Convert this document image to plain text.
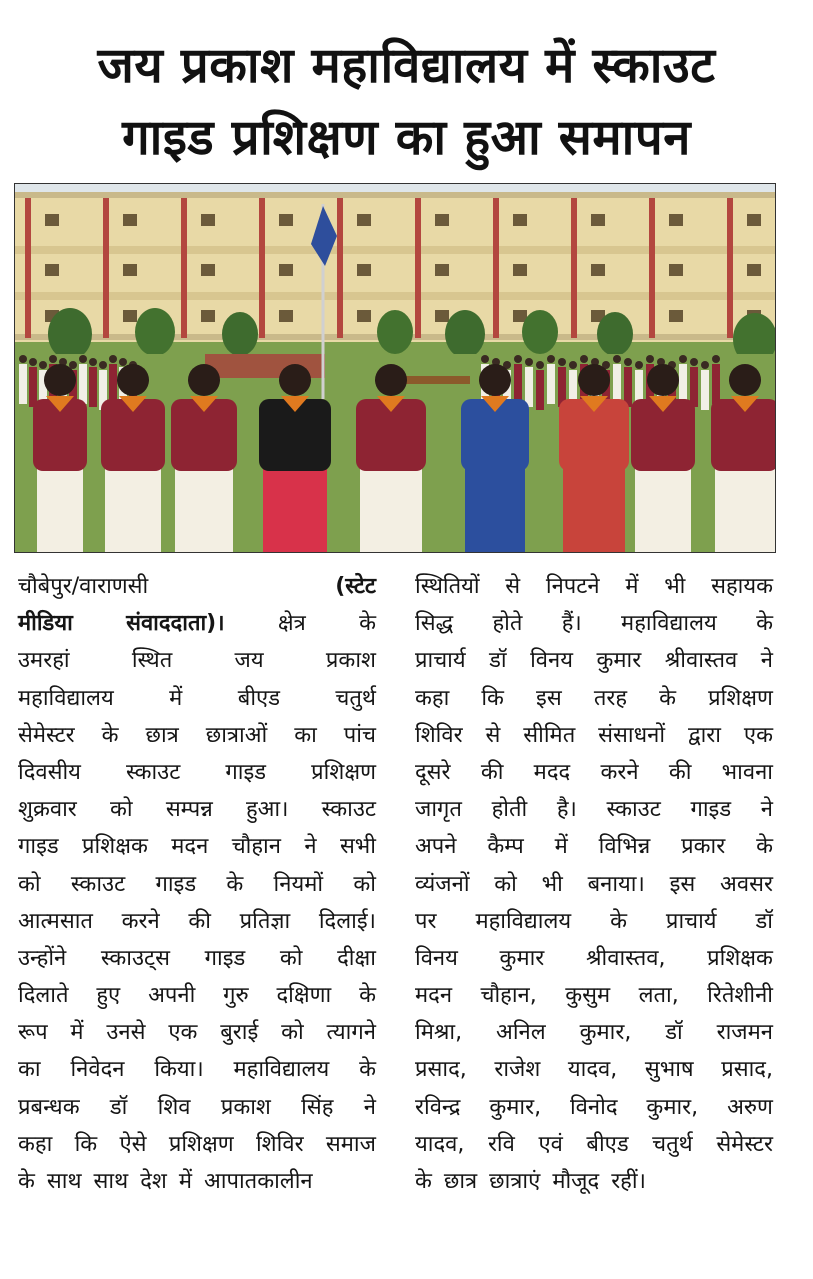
जय प्रकाश महाविद्यालय में स्काउट
गाइड प्रशिक्षण का हुआ समापन
चौबेपुर/वाराणसी	(स्टेट
मीडिया संवाददाता)। क्षेत्र के
उमरहां	स्थित	जय	प्रकाश
महाविद्यालय	में	बीएड	चतुर्थ
सेमेस्टर के छात्र छात्राओं का पांच
दिवसीय स्काउट गाइड प्रशिक्षण
शुक्रवार को सम्पन्न हुआ। स्काउट
गाइड प्रशिक्षक मदन चौहान ने सभी
को स्काउट गाइड के नियमों को
आत्मसात करने की प्रतिज्ञा दिलाई।
उन्होंने स्काउट्स गाइड को दीक्षा
दिलाते हुए अपनी गुरु दक्षिणा के
रूप में उनसे एक बुराई को त्यागने
का निवेदन किया। महाविद्यालय के
प्रबन्धक डॉ शिव प्रकाश सिंह ने
कहा कि ऐसे प्रशिक्षण शिविर समाज
के साथ साथ देश में आपातकालीन
स्थितियों से निपटने में भी सहायक
सिद्ध होते हैं। महाविद्यालय के
प्राचार्य डॉ विनय कुमार श्रीवास्तव ने
कहा कि इस तरह के प्रशिक्षण
शिविर से सीमित संसाधनों द्वारा एक
दूसरे की मदद करने की भावना
जागृत होती है। स्काउट गाइड ने
अपने कैम्प में विभिन्न प्रकार के
व्यंजनों को भी बनाया। इस अवसर
पर महाविद्यालय के प्राचार्य डॉ
विनय कुमार श्रीवास्तव, प्रशिक्षक
मदन चौहान, कुसुम लता, रितेशीनी
मिश्रा, अनिल कुमार, डॉ राजमन
प्रसाद, राजेश यादव, सुभाष प्रसाद,
रविन्द्र कुमार, विनोद कुमार, अरुण
यादव, रवि एवं बीएड चतुर्थ सेमेस्टर
के छात्र छात्राएं मौजूद रहीं।
